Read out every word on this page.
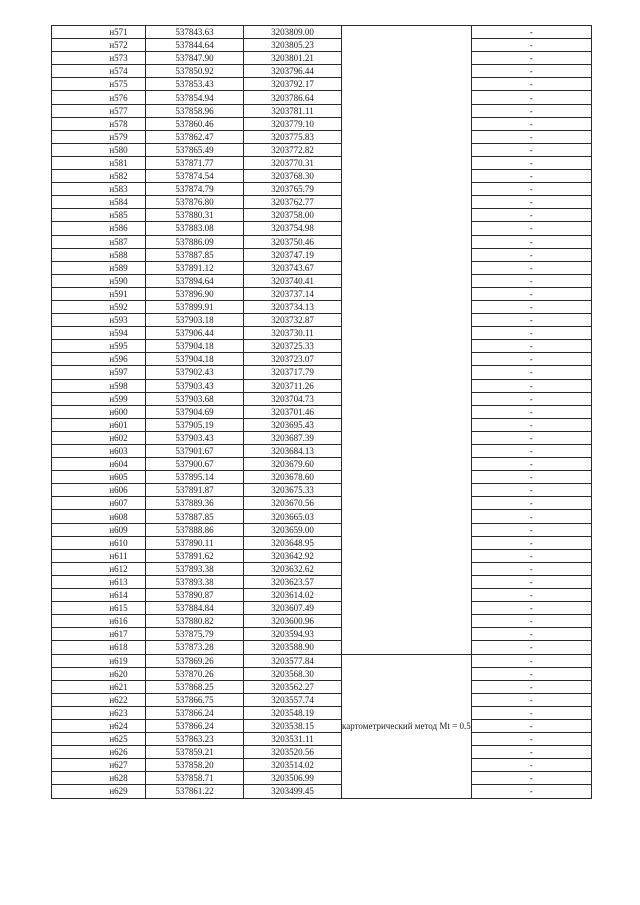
н571	537843.63	3203809.00		-
н572	537844.64	3203805.23		-
н573	537847.90	3203801.21		-
н574	537850.92	3203796.44		-
н575	537853.43	3203792.17		-
н576	537854.94	3203786.64		-
н577	537858.96	3203781.11		-
н578	537860.46	3203779.10		-
н579	537862.47	3203775.83		-
н580	537865.49	3203772.82		-
н581	537871.77	3203770.31		-
н582	537874.54	3203768.30		-
н583	537874.79	3203765.79		-
н584	537876.80	3203762.77		-
н585	537880.31	3203758.00		-
н586	537883.08	3203754.98		-
н587	537886.09	3203750.46		-
н588	537887.85	3203747.19		-
н589	537891.12	3203743.67		-
н590	537894.64	3203740.41		-
н591	537896.90	3203737.14		-
н592	537899.91	3203734.13		-
н593	537903.18	3203732.87		-
н594	537906.44	3203730.11		-
н595	537904.18	3203725.33		-
н596	537904.18	3203723.07		-
н597	537902.43	3203717.79		-
н598	537903.43	3203711.26		-
н599	537903.68	3203704.73		-
н600	537904.69	3203701.46		-
н601	537905.19	3203695.43		-
н602	537903.43	3203687.39		-
н603	537901.67	3203684.13		-
н604	537900.67	3203679.60		-
н605	537895.14	3203678.60		-
н606	537891.87	3203675.33		-
н607	537889.36	3203670.56		-
н608	537887.85	3203665.03		-
н609	537888.86	3203659.00		-
н610	537890.11	3203648.95		-
н611	537891.62	3203642.92		-
н612	537893.38	3203632.62		-
н613	537893.38	3203623.57		-
н614	537890.87	3203614.02		-
н615	537884.84	3203607.49		-
н616	537880.82	3203600.96		-
н617	537875.79	3203594.93		-
н618	537873.28	3203588.90		-
н619	537869.26	3203577.84	картометрический метод Mt = 0.5	-
н620	537870.26	3203568.30		-
н621	537868.25	3203562.27		-
н622	537866.75	3203557.74		-
н623	537866.24	3203548.19		-
н624	537866.24	3203538.15		-
н625	537863.23	3203531.11		-
н626	537859.21	3203520.56		-
н627	537858.20	3203514.02		-
н628	537858.71	3203506.99		-
н629	537861.22	3203499.45		-
